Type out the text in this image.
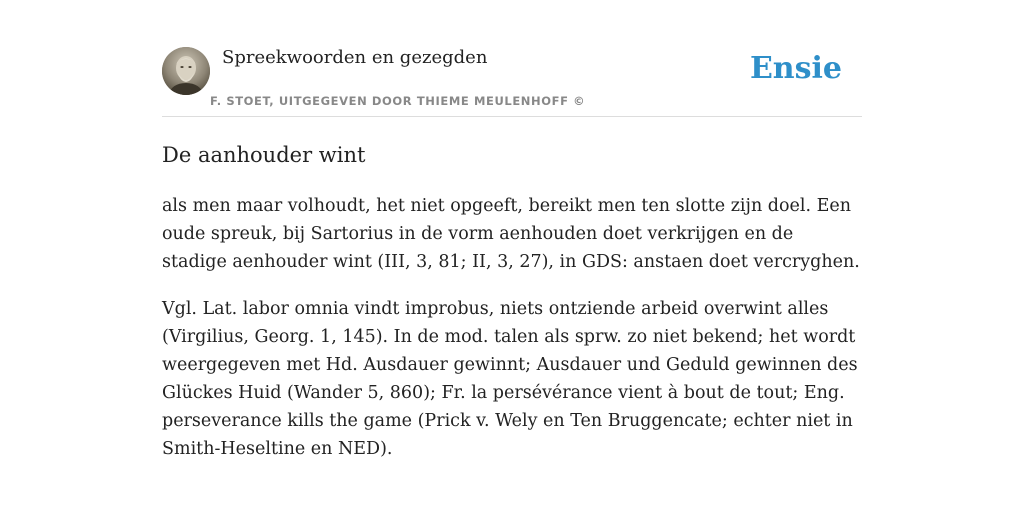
Spreekwoorden en gezegden
F. STOET, UITGEGEVEN DOOR THIEME MEULENHOFF ©
Ensie
De aanhouder wint

als men maar volhoudt, het niet opgeeft, bereikt men ten slotte zijn doel. Een oude spreuk, bij Sartorius in de vorm aenhouden doet verkrijgen en de stadige aenhouder wint (III, 3, 81; II, 3, 27), in GDS: anstaen doet vercryghen.

Vgl. Lat. labor omnia vindt improbus, niets ontziende arbeid overwint alles (Virgilius, Georg. 1, 145). In de mod. talen als sprw. zo niet bekend; het wordt weergegeven met Hd. Ausdauer gewinnt; Ausdauer und Geduld gewinnen des Glückes Huid (Wander 5, 860); Fr. la persévérance vient à bout de tout; Eng. perseverance kills the game (Prick v. Wely en Ten Bruggencate; echter niet in Smith-Heseltine en NED).
